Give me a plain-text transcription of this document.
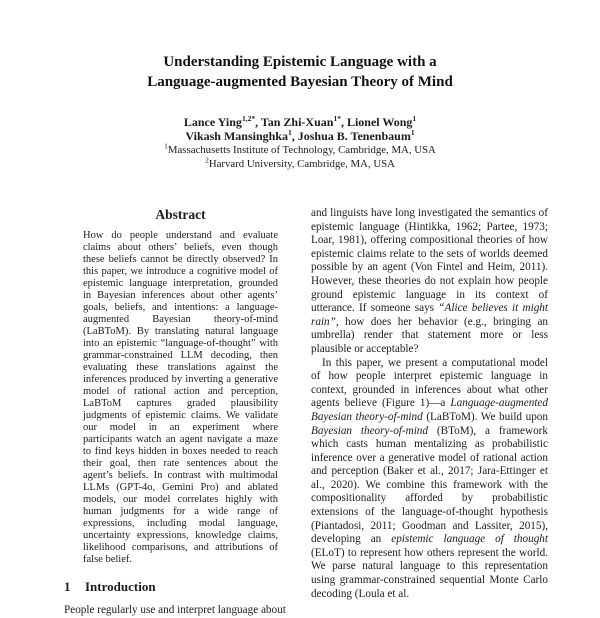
Understanding Epistemic Language with a
Language-augmented Bayesian Theory of Mind
Lance Ying$^{1,2*}$, Tan Zhi-Xuan$^{1*}$, Lionel Wong$^1$
Vikash Mansinghka$^1$, Joshua B. Tenenbaum$^1$
$^1$Massachusetts Institute of Technology, Cambridge, MA, USA
$^2$Harvard University, Cambridge, MA, USA
Abstract

How do people understand and evaluate claims about others’ beliefs, even though these beliefs cannot be directly observed? In this paper, we introduce a cognitive model of epistemic language interpretation, grounded in Bayesian inferences about other agents’ goals, beliefs, and intentions: a language-augmented Bayesian theory-of-mind (LaBToM). By translating natural language into an epistemic “language-of-thought” with grammar-constrained LLM decoding, then evaluating these translations against the inferences produced by inverting a generative model of rational action and perception, LaBToM captures graded plausibility judgments of epistemic claims. We validate our model in an experiment where participants watch an agent navigate a maze to find keys hidden in boxes needed to reach their goal, then rate sentences about the agent’s beliefs. In contrast with multimodal LLMs (GPT-4o, Gemini Pro) and ablated models, our model correlates highly with human judgments for a wide range of expressions, including modal language, uncertainty expressions, knowledge claims, likelihood comparisons, and attributions of false belief.

1 Introduction

People regularly use and interpret language about

and linguists have long investigated the semantics of epistemic language (Hintikka, 1962; Partee, 1973; Loar, 1981), offering compositional theories of how epistemic claims relate to the sets of worlds deemed possible by an agent (Von Fintel and Heim, 2011). However, these theories do not explain how people ground epistemic language in its context of utterance. If someone says “Alice believes it might rain”, how does her behavior (e.g., bringing an umbrella) render that statement more or less plausible or acceptable?

In this paper, we present a computational model of how people interpret epistemic language in context, grounded in inferences about what other agents believe (Figure 1)—a Language-augmented Bayesian theory-of-mind (LaBToM). We build upon Bayesian theory-of-mind (BToM), a framework which casts human mentalizing as probabilistic inference over a generative model of rational action and perception (Baker et al., 2017; Jara-Ettinger et al., 2020). We combine this framework with the compositionality afforded by probabilistic extensions of the language-of-thought hypothesis (Piantadosi, 2011; Goodman and Lassiter, 2015), developing an epistemic language of thought (ELoT) to represent how others represent the world. We parse natural language to this representation using grammar-constrained sequential Monte Carlo decoding (Loula et al.
